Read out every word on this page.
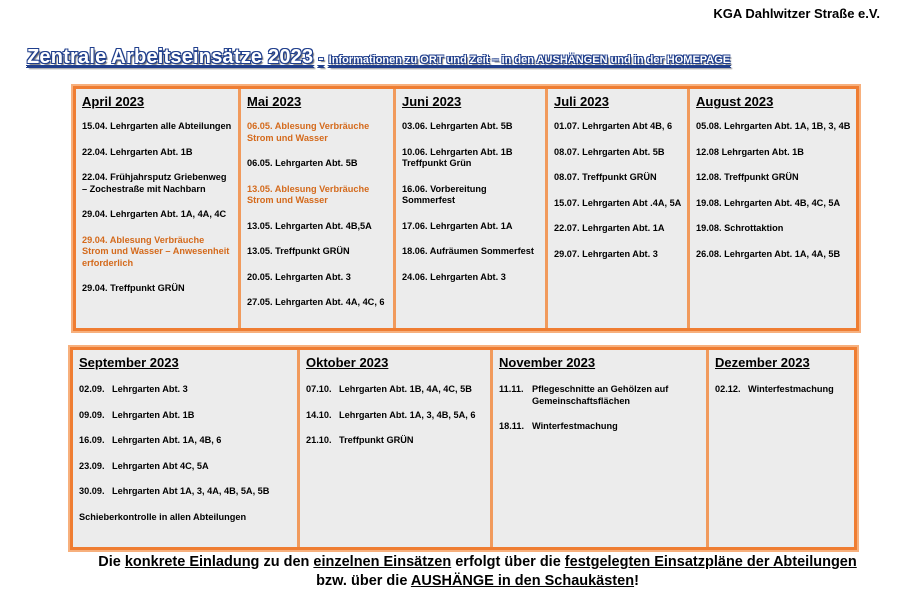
KGA Dahlwitzer Straße e.V.
Zentrale Arbeitseinsätze 2023 - Informationen zu ORT und Zeit – in den AUSHÄNGEN und in der HOMEPAGE
April 2023
15.04. Lehrgarten alle Abteilungen
22.04. Lehrgarten Abt. 1B
22.04. Frühjahrsputz Griebenweg – Zochestraße mit Nachbarn
29.04. Lehrgarten Abt. 1A, 4A, 4C
29.04. Ablesung Verbräuche Strom und Wasser – Anwesenheit erforderlich
29.04. Treffpunkt GRÜN
Mai 2023
06.05. Ablesung Verbräuche Strom und Wasser
06.05. Lehrgarten Abt. 5B
13.05. Ablesung Verbräuche Strom und Wasser
13.05. Lehrgarten Abt. 4B,5A
13.05. Treffpunkt GRÜN
20.05. Lehrgarten Abt. 3
27.05. Lehrgarten Abt. 4A, 4C, 6
Juni 2023
03.06. Lehrgarten Abt. 5B
10.06. Lehrgarten Abt. 1B Treffpunkt Grün
16.06. Vorbereitung Sommerfest
17.06. Lehrgarten Abt. 1A
18.06. Aufräumen Sommerfest
24.06. Lehrgarten Abt. 3
Juli 2023
01.07. Lehrgarten Abt 4B, 6
08.07. Lehrgarten Abt. 5B
08.07. Treffpunkt GRÜN
15.07. Lehrgarten Abt .4A, 5A
22.07. Lehrgarten Abt. 1A
29.07. Lehrgarten Abt. 3
August 2023
05.08. Lehrgarten Abt. 1A, 1B, 3, 4B
12.08 Lehrgarten Abt. 1B
12.08. Treffpunkt GRÜN
19.08. Lehrgarten Abt. 4B, 4C, 5A
19.08. Schrottaktion
26.08. Lehrgarten Abt. 1A, 4A, 5B
September 2023
02.09. Lehrgarten Abt. 3
09.09. Lehrgarten Abt. 1B
16.09. Lehrgarten Abt. 1A, 4B, 6
23.09. Lehrgarten Abt 4C, 5A
30.09. Lehrgarten Abt 1A, 3, 4A, 4B, 5A, 5B
Schieberkontrolle in allen Abteilungen
Oktober 2023
07.10. Lehrgarten Abt. 1B, 4A, 4C, 5B
14.10. Lehrgarten Abt. 1A, 3, 4B, 5A, 6
21.10. Treffpunkt GRÜN
November 2023
11.11. Pflegeschnitte an Gehölzen auf Gemeinschaftsflächen
18.11. Winterfestmachung
Dezember 2023
02.12. Winterfestmachung
Die konkrete Einladung zu den einzelnen Einsätzen erfolgt über die festgelegten Einsatzpläne der Abteilungen
bzw. über die AUSHÄNGE in den Schaukästen!
